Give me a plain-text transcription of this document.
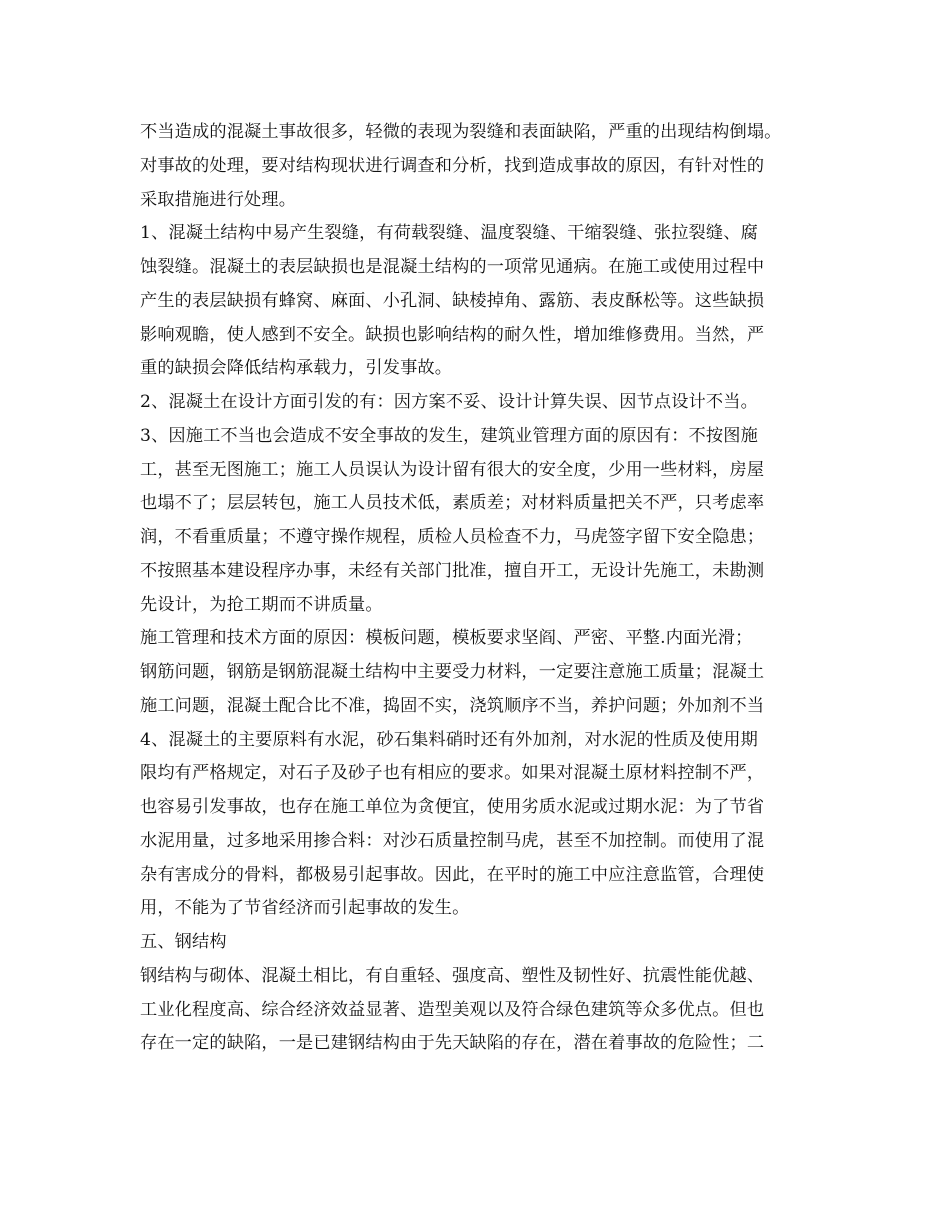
不当造成的混凝土事故很多，轻微的表现为裂缝和表面缺陷，严重的出现结构倒塌。
对事故的处理，要对结构现状进行调查和分析，找到造成事故的原因，有针对性的
采取措施进行处理。
1、混凝土结构中易产生裂缝，有荷载裂缝、温度裂缝、干缩裂缝、张拉裂缝、腐
蚀裂缝。混凝土的表层缺损也是混凝土结构的一项常见通病。在施工或使用过程中
产生的表层缺损有蜂窝、麻面、小孔洞、缺棱掉角、露筋、表皮酥松等。这些缺损
影响观瞻，使人感到不安全。缺损也影响结构的耐久性，增加维修费用。当然，严
重的缺损会降低结构承载力，引发事故。
2、混凝土在设计方面引发的有：因方案不妥、设计计算失误、因节点设计不当。
3、因施工不当也会造成不安全事故的发生，建筑业管理方面的原因有：不按图施
工，甚至无图施工；施工人员误认为设计留有很大的安全度，少用一些材料，房屋
也塌不了；层层转包，施工人员技术低，素质差；对材料质量把关不严，只考虑率
润，不看重质量；不遵守操作规程，质检人员检查不力，马虎签字留下安全隐患；
不按照基本建设程序办事，未经有关部门批准，擅自开工，无设计先施工，未勘测
先设计，为抢工期而不讲质量。
施工管理和技术方面的原因：模板问题，模板要求坚阎、严密、平整.内面光滑；
钢筋问题，钢筋是钢筋混凝土结构中主要受力材料，一定要注意施工质量；混凝土
施工问题，混凝土配合比不准，捣固不实，浇筑顺序不当，养护问题；外加剂不当
4、混凝土的主要原料有水泥，砂石集料硝时还有外加剂，对水泥的性质及使用期
限均有严格规定，对石子及砂子也有相应的要求。如果对混凝土原材料控制不严，
也容易引发事故，也存在施工单位为贪便宜，使用劣质水泥或过期水泥：为了节省
水泥用量，过多地采用掺合料：对沙石质量控制马虎，甚至不加控制。而使用了混
杂有害成分的骨料，都极易引起事故。因此，在平时的施工中应注意监管，合理使
用，不能为了节省经济而引起事故的发生。
五、钢结构
钢结构与砌体、混凝土相比，有自重轻、强度高、塑性及韧性好、抗震性能优越、
工业化程度高、综合经济效益显著、造型美观以及符合绿色建筑等众多优点。但也
存在一定的缺陷，一是已建钢结构由于先天缺陷的存在，潜在着事故的危险性；二
